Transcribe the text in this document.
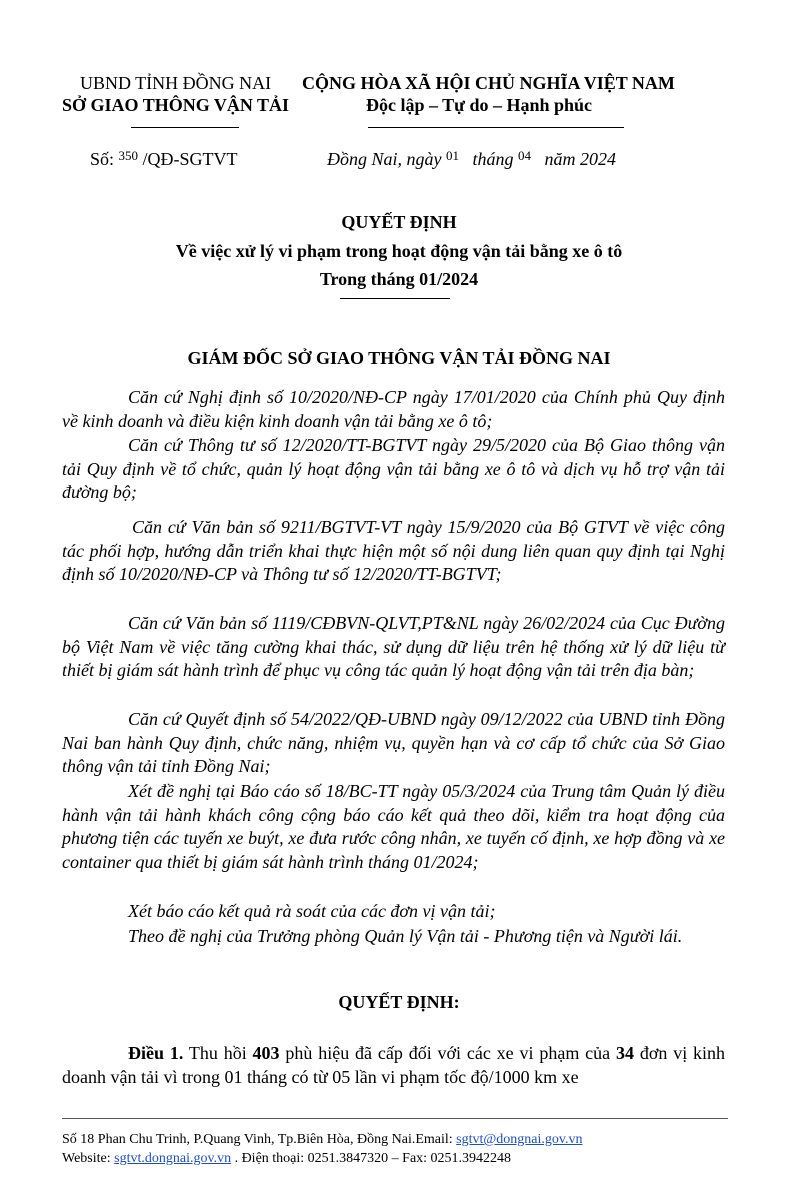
UBND TỈNH ĐỒNG NAI
SỞ GIAO THÔNG VẬN TẢI
CỘNG HÒA XÃ HỘI CHỦ NGHĨA VIỆT NAM
Độc lập – Tự do – Hạnh phúc
Số: $^{350}$ /QĐ-SGTVT	Đồng Nai, ngày $^{01}$ tháng $^{04}$ năm 2024
QUYẾT ĐỊNH
Về việc xử lý vi phạm trong hoạt động vận tải bằng xe ô tô
Trong tháng 01/2024
GIÁM ĐỐC SỞ GIAO THÔNG VẬN TẢI ĐỒNG NAI
Căn cứ Nghị định số 10/2020/NĐ-CP ngày 17/01/2020 của Chính phủ Quy định về kinh doanh và điều kiện kinh doanh vận tải bằng xe ô tô;
Căn cứ Thông tư số 12/2020/TT-BGTVT ngày 29/5/2020 của Bộ Giao thông vận tải Quy định về tổ chức, quản lý hoạt động vận tải bằng xe ô tô và dịch vụ hỗ trợ vận tải đường bộ;
Căn cứ Văn bản số 9211/BGTVT-VT ngày 15/9/2020 của Bộ GTVT về việc công tác phối hợp, hướng dẫn triển khai thực hiện một số nội dung liên quan quy định tại Nghị định số 10/2020/NĐ-CP và Thông tư số 12/2020/TT-BGTVT;
Căn cứ Văn bản số 1119/CĐBVN-QLVT,PT&NL ngày 26/02/2024 của Cục Đường bộ Việt Nam về việc tăng cường khai thác, sử dụng dữ liệu trên hệ thống xử lý dữ liệu từ thiết bị giám sát hành trình để phục vụ công tác quản lý hoạt động vận tải trên địa bàn;
Căn cứ Quyết định số 54/2022/QĐ-UBND ngày 09/12/2022 của UBND tỉnh Đồng Nai ban hành Quy định, chức năng, nhiệm vụ, quyền hạn và cơ cấp tổ chức của Sở Giao thông vận tải tỉnh Đồng Nai;
Xét đề nghị tại Báo cáo số 18/BC-TT ngày 05/3/2024 của Trung tâm Quản lý điều hành vận tải hành khách công cộng báo cáo kết quả theo dõi, kiểm tra hoạt động của phương tiện các tuyến xe buýt, xe đưa rước công nhân, xe tuyến cố định, xe hợp đồng và xe container qua thiết bị giám sát hành trình tháng 01/2024;
Xét báo cáo kết quả rà soát của các đơn vị vận tải;
Theo đề nghị của Trưởng phòng Quản lý Vận tải - Phương tiện và Người lái.
QUYẾT ĐỊNH:
Điều 1. Thu hồi 403 phù hiệu đã cấp đối với các xe vi phạm của 34 đơn vị kinh doanh vận tải vì trong 01 tháng có từ 05 lần vi phạm tốc độ/1000 km xe
Số 18 Phan Chu Trinh, P.Quang Vinh, Tp.Biên Hòa, Đồng Nai.Email: sgtvt@dongnai.gov.vn
Website: sgtvt.dongnai.gov.vn . Điện thoại: 0251.3847320 – Fax: 0251.3942248
